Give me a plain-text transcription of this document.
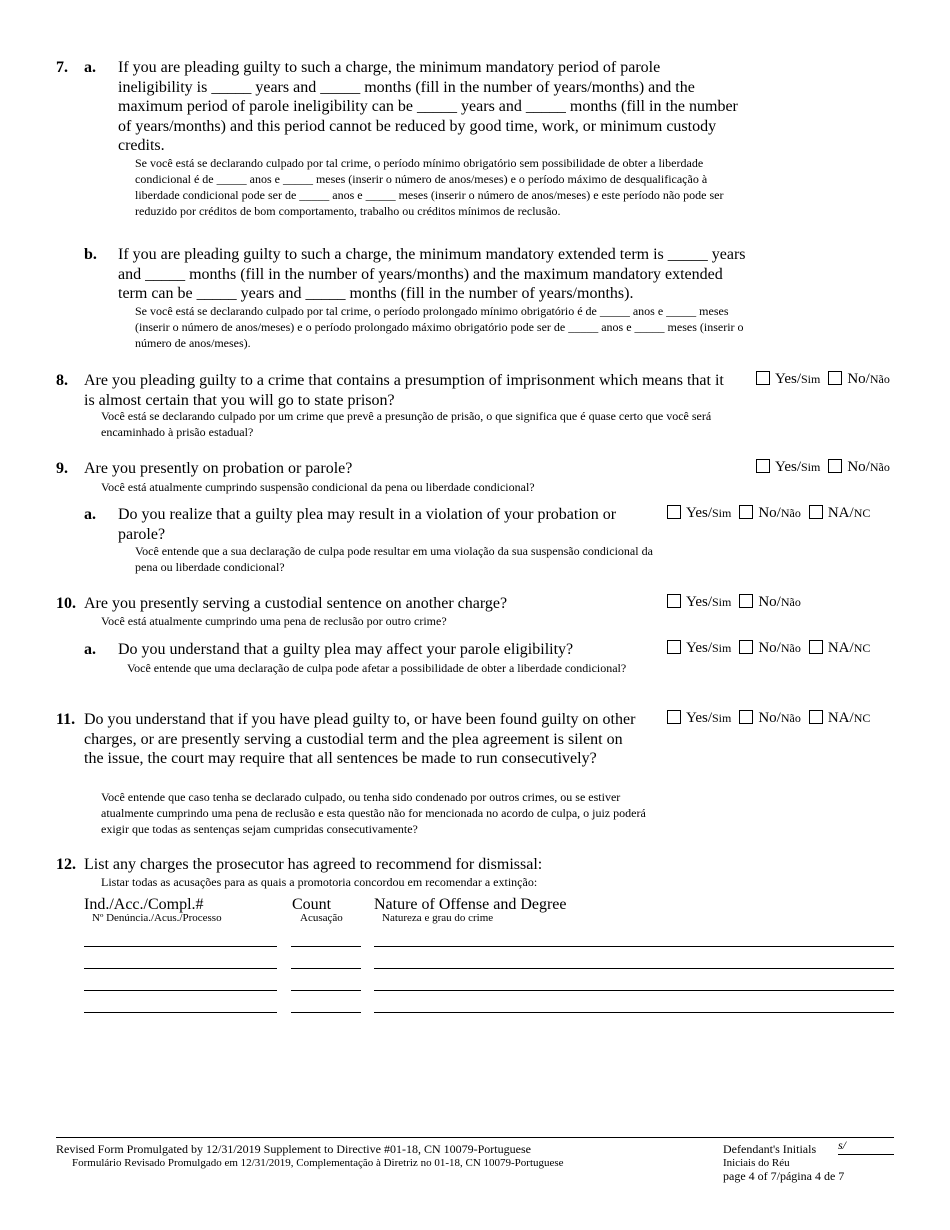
7. a. If you are pleading guilty to such a charge, the minimum mandatory period of parole ineligibility is _____ years and _____ months (fill in the number of years/months) and the maximum period of parole ineligibility can be _____ years and _____ months (fill in the number of years/months) and this period cannot be reduced by good time, work, or minimum custody credits.
Se você está se declarando culpado por tal crime, o período mínimo obrigatório sem possibilidade de obter a liberdade condicional é de _____ anos e _____ meses (inserir o número de anos/meses) e o período máximo de desqualificação à liberdade condicional pode ser de _____ anos e _____ meses (inserir o número de anos/meses) e este período não pode ser reduzido por créditos de bom comportamento, trabalho ou créditos mínimos de reclusão.
b. If you are pleading guilty to such a charge, the minimum mandatory extended term is _____ years and _____ months (fill in the number of years/months) and the maximum mandatory extended term can be _____ years and _____ months (fill in the number of years/months).
Se você está se declarando culpado por tal crime, o período prolongado mínimo obrigatório é de _____ anos e _____ meses (inserir o número de anos/meses) e o período prolongado máximo obrigatório pode ser de _____ anos e _____ meses (inserir o número de anos/meses).
8. Are you pleading guilty to a crime that contains a presumption of imprisonment which means that it is almost certain that you will go to state prison?
Você está se declarando culpado por um crime que prevê a presunção de prisão, o que significa que é quase certo que você será encaminhado à prisão estadual?
Yes/Sim No/Não
9. Are you presently on probation or parole?
Você está atualmente cumprindo suspensão condicional da pena ou liberdade condicional?
Yes/Sim No/Não
a. Do you realize that a guilty plea may result in a violation of your probation or parole?
Você entende que a sua declaração de culpa pode resultar em uma violação da sua suspensão condicional da pena ou liberdade condicional?
Yes/Sim No/Não NA/NC
10. Are you presently serving a custodial sentence on another charge?
Você está atualmente cumprindo uma pena de reclusão por outro crime?
Yes/Sim No/Não
a. Do you understand that a guilty plea may affect your parole eligibility?
Você entende que uma declaração de culpa pode afetar a possibilidade de obter a liberdade condicional?
Yes/Sim No/Não NA/NC
11. Do you understand that if you have plead guilty to, or have been found guilty on other charges, or are presently serving a custodial term and the plea agreement is silent on the issue, the court may require that all sentences be made to run consecutively?
Você entende que caso tenha se declarado culpado, ou tenha sido condenado por outros crimes, ou se estiver atualmente cumprindo uma pena de reclusão e esta questão não for mencionada no acordo de culpa, o juiz poderá exigir que todas as sentenças sejam cumpridas consecutivamente?
Yes/Sim No/Não NA/NC
12. List any charges the prosecutor has agreed to recommend for dismissal:
Listar todas as acusações para as quais a promotoria concordou em recomendar a extinção:
Ind./Acc./Compl.#
Nº Denúncia./Acus./Processo
Count
Acusação
Nature of Offense and Degree
Natureza e grau do crime
Revised Form Promulgated by 12/31/2019 Supplement to Directive #01-18, CN 10079-Portuguese
Formulário Revisado Promulgado em 12/31/2019, Complementação à Diretriz no 01-18, CN 10079-Portuguese
Defendant's Initials s/
Iniciais do Réu
page 4 of 7/página 4 de 7
